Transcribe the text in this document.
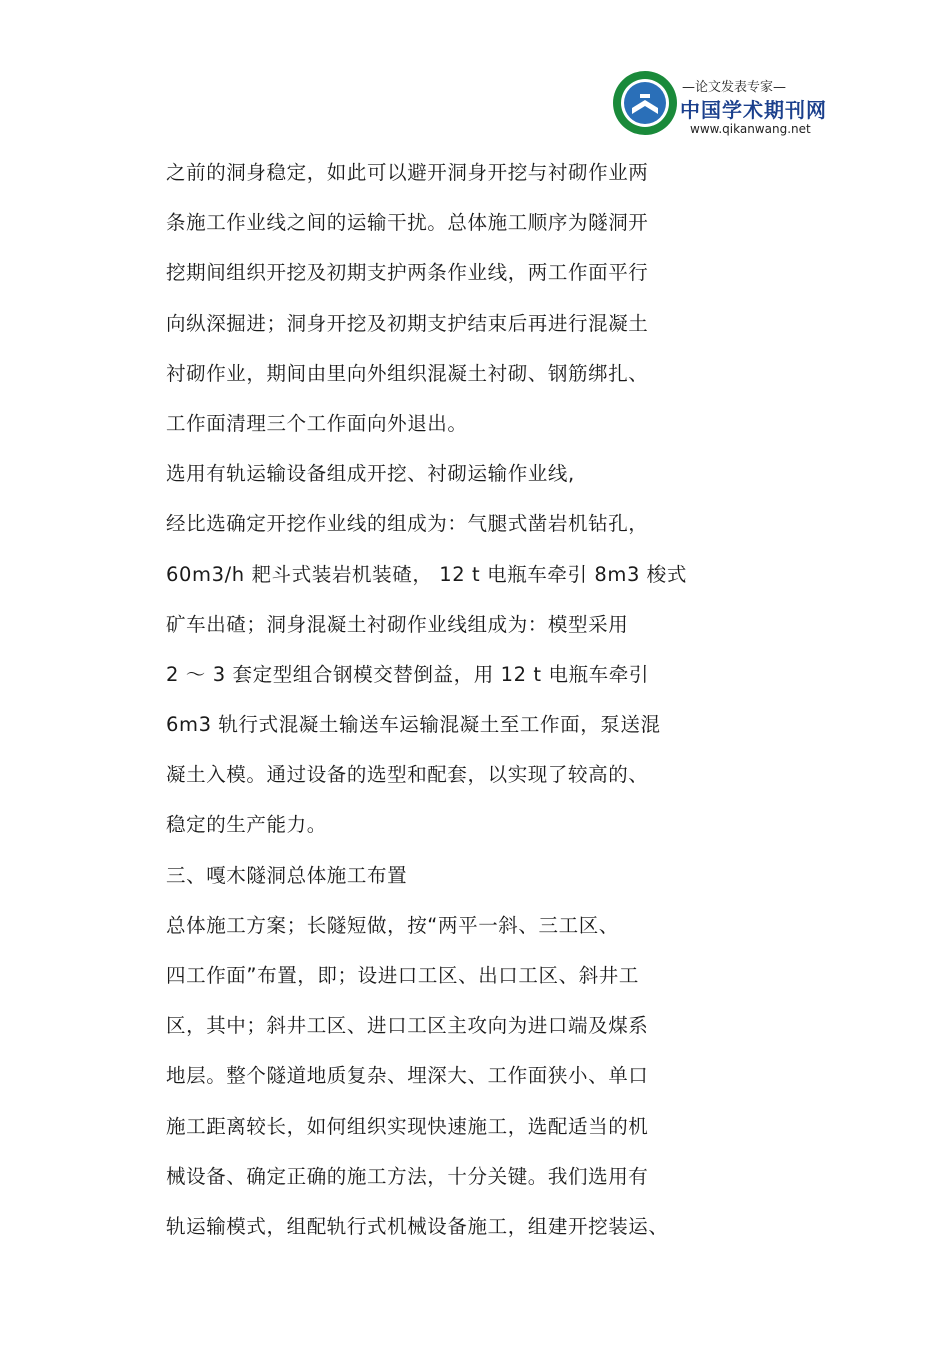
—论文发表专家—
中国学术期刊网
www.qikanwang.net
之前的洞身稳定，如此可以避开洞身开挖与衬砌作业两
条施工作业线之间的运输干扰。总体施工顺序为隧洞开
挖期间组织开挖及初期支护两条作业线，两工作面平行
向纵深掘进；洞身开挖及初期支护结束后再进行混凝土
衬砌作业，期间由里向外组织混凝土衬砌、钢筋绑扎、
工作面清理三个工作面向外退出。
选用有轨运输设备组成开挖、衬砌运输作业线,
经比选确定开挖作业线的组成为：气腿式凿岩机钻孔，
60m3/h 耙斗式装岩机装碴， 12 t 电瓶车牵引 8m3 梭式
矿车出碴；洞身混凝土衬砌作业线组成为：模型采用
2 ～ 3 套定型组合钢模交替倒益，用 12 t 电瓶车牵引
6m3 轨行式混凝土输送车运输混凝土至工作面，泵送混
凝土入模。通过设备的选型和配套，以实现了较高的、
稳定的生产能力。
三、嘎木隧洞总体施工布置
总体施工方案；长隧短做，按“两平一斜、三工区、
四工作面”布置，即；设进口工区、出口工区、斜井工
区，其中；斜井工区、进口工区主攻向为进口端及煤系
地层。整个隧道地质复杂、埋深大、工作面狭小、单口
施工距离较长，如何组织实现快速施工，选配适当的机
械设备、确定正确的施工方法，十分关键。我们选用有
轨运输模式，组配轨行式机械设备施工，组建开挖装运、
